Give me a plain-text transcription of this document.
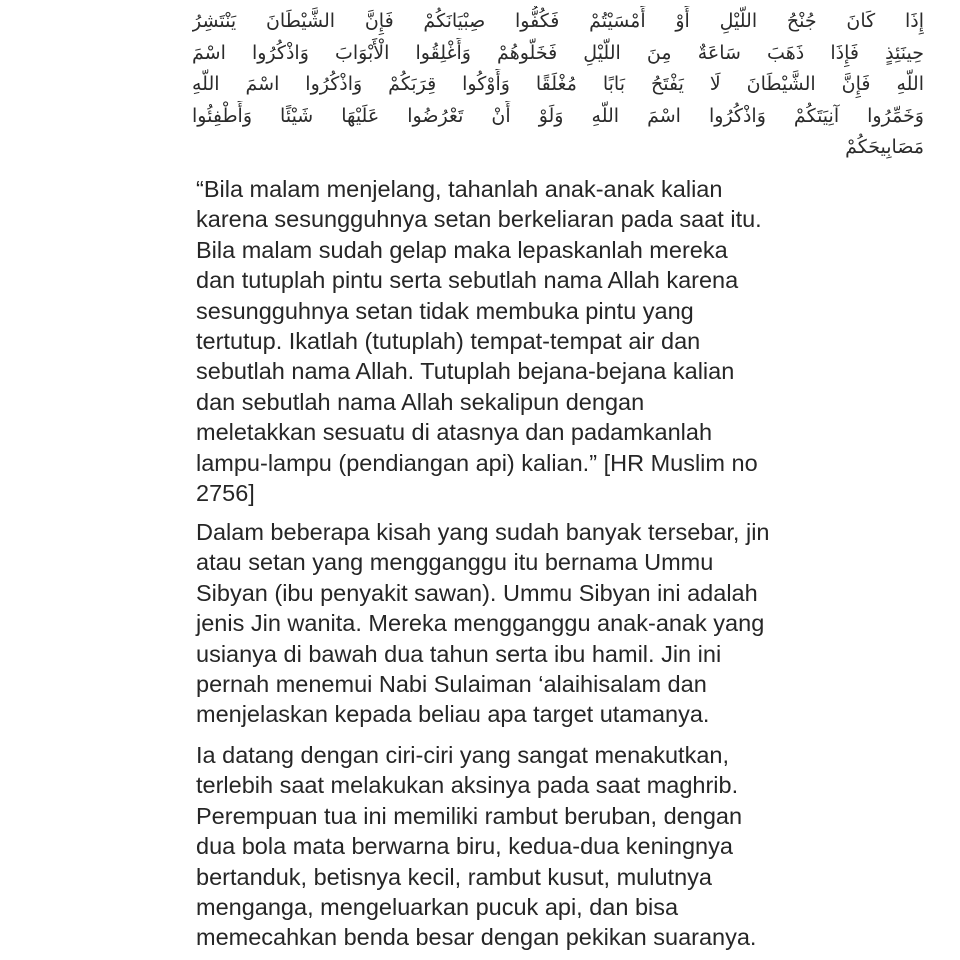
إِذَا كَانَ جُنْحُ اللَّيْلِ أَوْ أَمْسَيْتُمْ فَكُفُّوا صِبْيَانَكُمْ فَإِنَّ الشَّيْطَانَ يَنْتَشِرُ
حِينَئِذٍ فَإِذَا ذَهَبَ سَاعَةٌ مِنَ اللَّيْلِ فَخَلُّوهُمْ وَأَغْلِقُوا الْأَبْوَابَ وَاذْكُرُوا اسْمَ
اللَّهِ فَإِنَّ الشَّيْطَانَ لَا يَفْتَحُ بَابًا مُغْلَقًا وَأَوْكُوا قِرَبَكُمْ وَاذْكُرُوا اسْمَ اللَّهِ
وَخَمِّرُوا آنِيَتَكُمْ وَاذْكُرُوا اسْمَ اللَّهِ وَلَوْ أَنْ تَعْرُضُوا عَلَيْهَا شَيْئًا وَأَطْفِئُوا
مَصَابِيحَكُمْ
“Bila malam menjelang, tahanlah anak-anak kalian
karena sesungguhnya setan berkeliaran pada saat itu.
Bila malam sudah gelap maka lepaskanlah mereka
dan tutuplah pintu serta sebutlah nama Allah karena
sesungguhnya setan tidak membuka pintu yang
tertutup. Ikatlah (tutuplah) tempat-tempat air dan
sebutlah nama Allah. Tutuplah bejana-bejana kalian
dan sebutlah nama Allah sekalipun dengan
meletakkan sesuatu di atasnya dan padamkanlah
lampu-lampu (pendiangan api) kalian.” [HR Muslim no
2756]
Dalam beberapa kisah yang sudah banyak tersebar, jin
atau setan yang mengganggu itu bernama Ummu
Sibyan (ibu penyakit sawan). Ummu Sibyan ini adalah
jenis Jin wanita. Mereka mengganggu anak-anak yang
usianya di bawah dua tahun serta ibu hamil. Jin ini
pernah menemui Nabi Sulaiman ‘alaihisalam dan
menjelaskan kepada beliau apa target utamanya.
Ia datang dengan ciri-ciri yang sangat menakutkan,
terlebih saat melakukan aksinya pada saat maghrib.
Perempuan tua ini memiliki rambut beruban, dengan
dua bola mata berwarna biru, kedua-dua keningnya
bertanduk, betisnya kecil, rambut kusut, mulutnya
menganga, mengeluarkan pucuk api, dan bisa
memecahkan benda besar dengan pekikan suaranya.
